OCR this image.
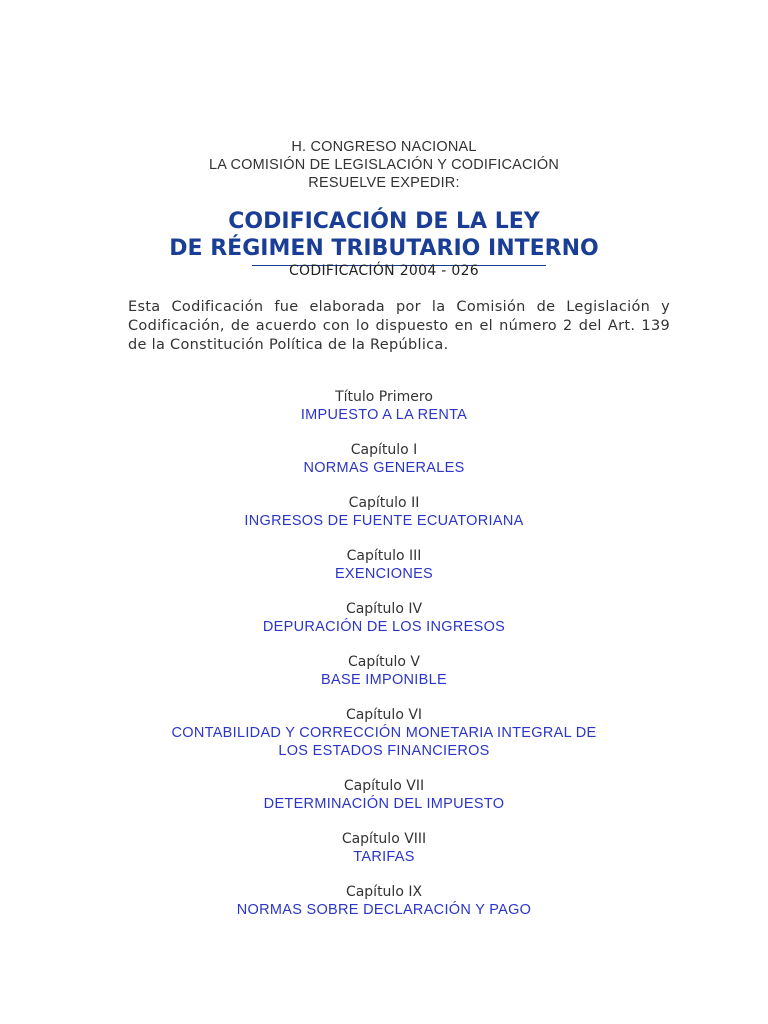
H. CONGRESO NACIONAL
LA COMISIÓN DE LEGISLACIÓN Y CODIFICACIÓN
RESUELVE EXPEDIR:
CODIFICACIÓN DE LA LEY
DE RÉGIMEN TRIBUTARIO INTERNO
CODIFICACIÓN 2004 - 026
Esta Codificación fue elaborada por la Comisión de Legislación y Codificación, de acuerdo con lo dispuesto en el número 2 del Art. 139 de la Constitución Política de la República.
Título Primero
IMPUESTO A LA RENTA
Capítulo I
NORMAS GENERALES
Capítulo II
INGRESOS DE FUENTE ECUATORIANA
Capítulo III
EXENCIONES
Capítulo IV
DEPURACIÓN DE LOS INGRESOS
Capítulo V
BASE IMPONIBLE
Capítulo VI
CONTABILIDAD Y CORRECCIÓN MONETARIA INTEGRAL DE
LOS ESTADOS FINANCIEROS
Capítulo VII
DETERMINACIÓN DEL IMPUESTO
Capítulo VIII
TARIFAS
Capítulo IX
NORMAS SOBRE DECLARACIÓN Y PAGO
